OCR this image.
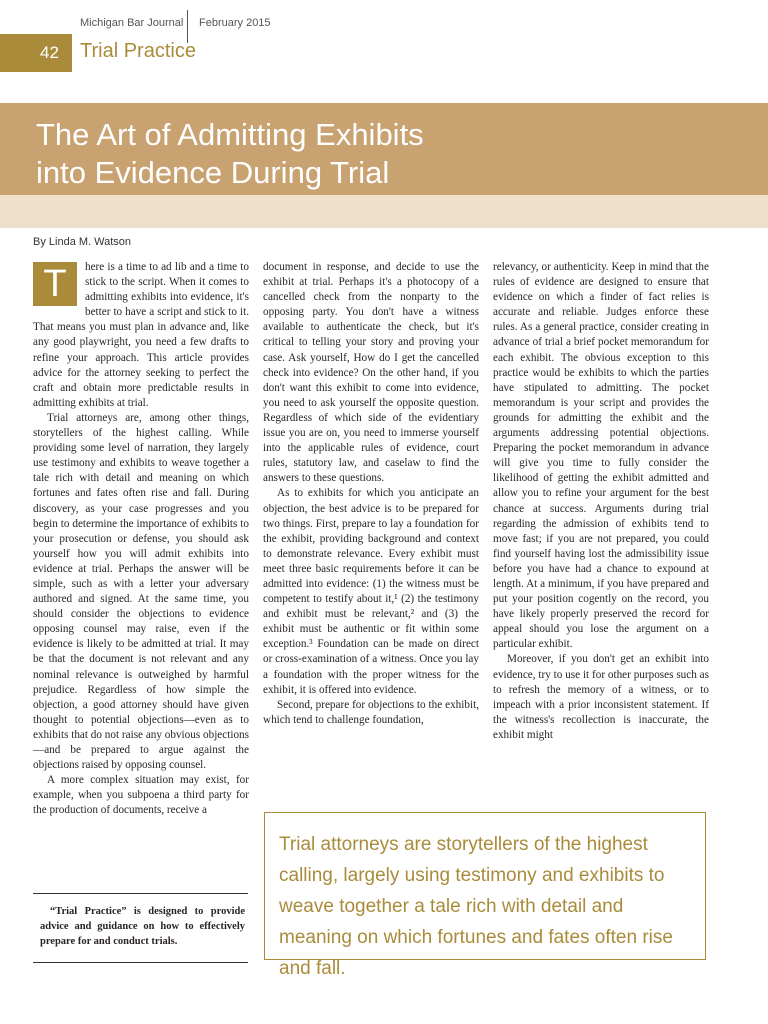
Michigan Bar Journal February 2015
42 Trial Practice
The Art of Admitting Exhibits
into Evidence During Trial
By Linda M. Watson
T	here is a time to ad lib and a time to stick to the script. When it comes to admitting exhibits into evidence, it's better to have a script and stick to it. That means you must plan in advance and, like any good playwright, you need a few drafts to refine your approach. This article provides advice for the attorney seeking to perfect the craft and obtain more predictable results in admitting exhibits at trial.

Trial attorneys are, among other things, storytellers of the highest calling. While providing some level of narration, they largely use testimony and exhibits to weave together a tale rich with detail and meaning on which fortunes and fates often rise and fall. During discovery, as your case progresses and you begin to determine the importance of exhibits to your prosecution or defense, you should ask yourself how you will admit exhibits into evidence at trial. Perhaps the answer will be simple, such as with a letter your adversary authored and signed. At the same time, you should consider the objections to evidence opposing counsel may raise, even if the evidence is likely to be admitted at trial. It may be that the document is not relevant and any nominal relevance is outweighed by harmful prejudice. Regardless of how simple the objection, a good attorney should have given thought to potential objections—even as to exhibits that do not raise any obvious objections—and be prepared to argue against the objections raised by opposing counsel.

A more complex situation may exist, for example, when you subpoena a third party for the production of documents, receive a

document in response, and decide to use the exhibit at trial. Perhaps it's a photocopy of a cancelled check from the nonparty to the opposing party. You don't have a witness available to authenticate the check, but it's critical to telling your story and proving your case. Ask yourself, How do I get the cancelled check into evidence? On the other hand, if you don't want this exhibit to come into evidence, you need to ask yourself the opposite question. Regardless of which side of the evidentiary issue you are on, you need to immerse yourself into the applicable rules of evidence, court rules, statutory law, and caselaw to find the answers to these questions.

As to exhibits for which you anticipate an objection, the best advice is to be prepared for two things. First, prepare to lay a foundation for the exhibit, providing background and context to demonstrate relevance. Every exhibit must meet three basic requirements before it can be admitted into evidence: (1) the witness must be competent to testify about it,¹ (2) the testimony and exhibit must be relevant,² and (3) the exhibit must be authentic or fit within some exception.³ Foundation can be made on direct or cross-examination of a witness. Once you lay a foundation with the proper witness for the exhibit, it is offered into evidence.

Second, prepare for objections to the exhibit, which tend to challenge foundation,

relevancy, or authenticity. Keep in mind that the rules of evidence are designed to ensure that evidence on which a finder of fact relies is accurate and reliable. Judges enforce these rules. As a general practice, consider creating in advance of trial a brief pocket memorandum for each exhibit. The obvious exception to this practice would be exhibits to which the parties have stipulated to admitting. The pocket memorandum is your script and provides the grounds for admitting the exhibit and the arguments addressing potential objections. Preparing the pocket memorandum in advance will give you time to fully consider the likelihood of getting the exhibit admitted and allow you to refine your argument for the best chance at success. Arguments during trial regarding the admission of exhibits tend to move fast; if you are not prepared, you could find yourself having lost the admissibility issue before you have had a chance to expound at length. At a minimum, if you have prepared and put your position cogently on the record, you have likely properly preserved the record for appeal should you lose the argument on a particular exhibit.

Moreover, if you don't get an exhibit into evidence, try to use it for other purposes such as to refresh the memory of a witness, or to impeach with a prior inconsistent statement. If the witness's recollection is inaccurate, the exhibit might

“Trial Practice” is designed to provide advice and guidance on how to effectively prepare for and conduct trials.

Trial attorneys are storytellers of the highest calling, largely using testimony and exhibits to weave together a tale rich with detail and meaning on which fortunes and fates often rise and fall.
